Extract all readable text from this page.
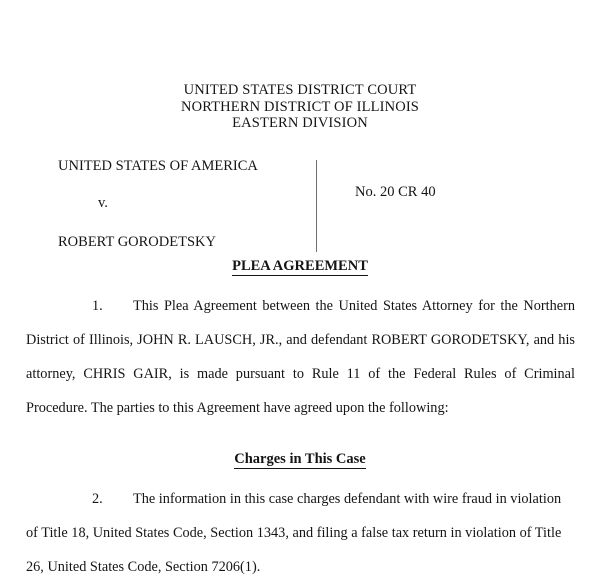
UNITED STATES DISTRICT COURT
NORTHERN DISTRICT OF ILLINOIS
EASTERN DIVISION

UNITED STATES OF AMERICA

v.

ROBERT GORODETSKY

No. 20 CR 40
PLEA AGREEMENT
1. This Plea Agreement between the United States Attorney for the Northern District of Illinois, JOHN R. LAUSCH, JR., and defendant ROBERT GORODETSKY, and his attorney, CHRIS GAIR, is made pursuant to Rule 11 of the Federal Rules of Criminal Procedure. The parties to this Agreement have agreed upon the following:
Charges in This Case
2. The information in this case charges defendant with wire fraud in violation of Title 18, United States Code, Section 1343, and filing a false tax return in violation of Title 26, United States Code, Section 7206(1).
